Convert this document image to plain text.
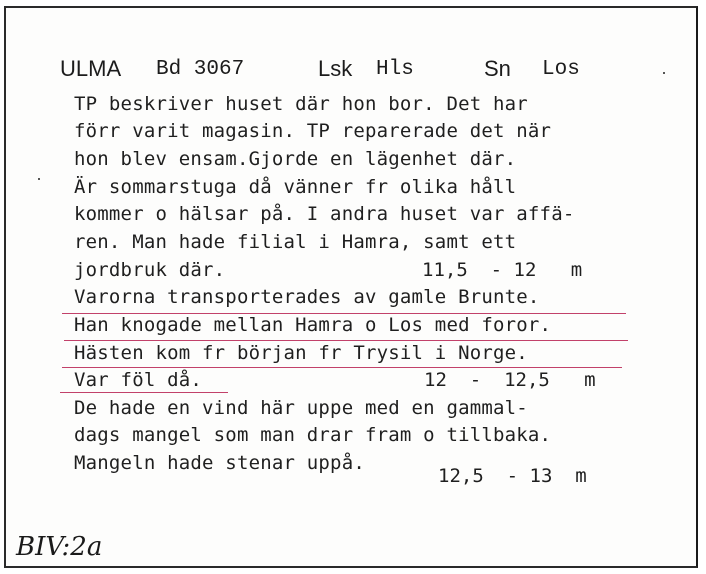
ULMA Bd 3067	Lsk Hls	Sn Los
TP beskriver huset där hon bor. Det har
förr varit magasin. TP reparerade det när
hon blev ensam.Gjorde en lägenhet där.
Är sommarstuga då vänner fr olika håll
kommer o hälsar på. I andra huset var affä-
ren. Man hade filial i Hamra, samt ett
jordbruk där.
Varorna transporterades av gamle Brunte.
Han knogade mellan Hamra o Los med foror.
Hästen kom fr början fr Trysil i Norge.
Var föl då.
De hade en vind här uppe med en gammal-
dags mangel som man drar fram o tillbaka.
Mangeln hade stenar uppå.
11,5  - 12   m
12  -  12,5   m
12,5  - 13  m
BIV:2a
